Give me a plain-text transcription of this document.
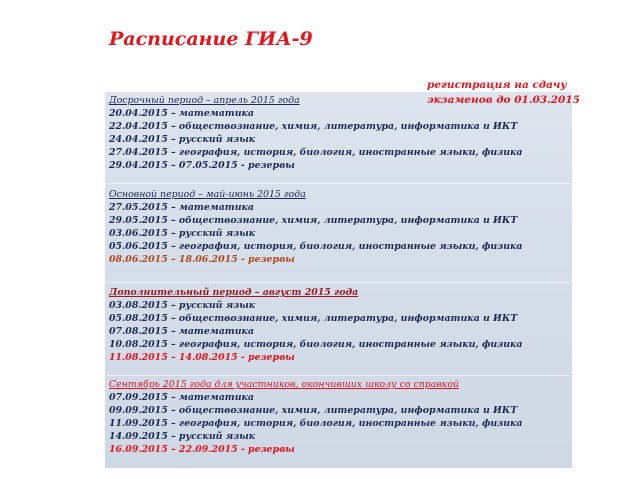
Расписание ГИА-9
регистрация на сдачу
экзаменов до 01.03.2015
Досрочный период – апрель 2015 года
20.04.2015 – математика
22.04.2015 – обществознание, химия, литература, информатика и ИКТ
24.04.2015 – русский язык
27.04.2015 – география, история, биология, иностранные языки, физика
29.04.2015 – 07.05.2015 - резервы
Основной период – май-июнь 2015 года
27.05.2015 – математика
29.05.2015 – обществознание, химия, литература, информатика и ИКТ
03.06.2015 – русский язык
05.06.2015 – география, история, биология, иностранные языки, физика
08.06.2015 – 18.06.2015 - резервы
Дополнительный период – август 2015 года
03.08.2015 – русский язык
05.08.2015 – обществознание, химия, литература, информатика и ИКТ
07.08.2015 – математика
10.08.2015 – география, история, биология, иностранные языки, физика
11.08.2015 – 14.08.2015 - резервы
Сентябрь 2015 года для участников, окончивших школу со справкой
07.09.2015 – математика
09.09.2015 – обществознание, химия, литература, информатика и ИКТ
11.09.2015 – география, история, биология, иностранные языки, физика
14.09.2015 – русский язык
16.09.2015 – 22.09.2015 - резервы
